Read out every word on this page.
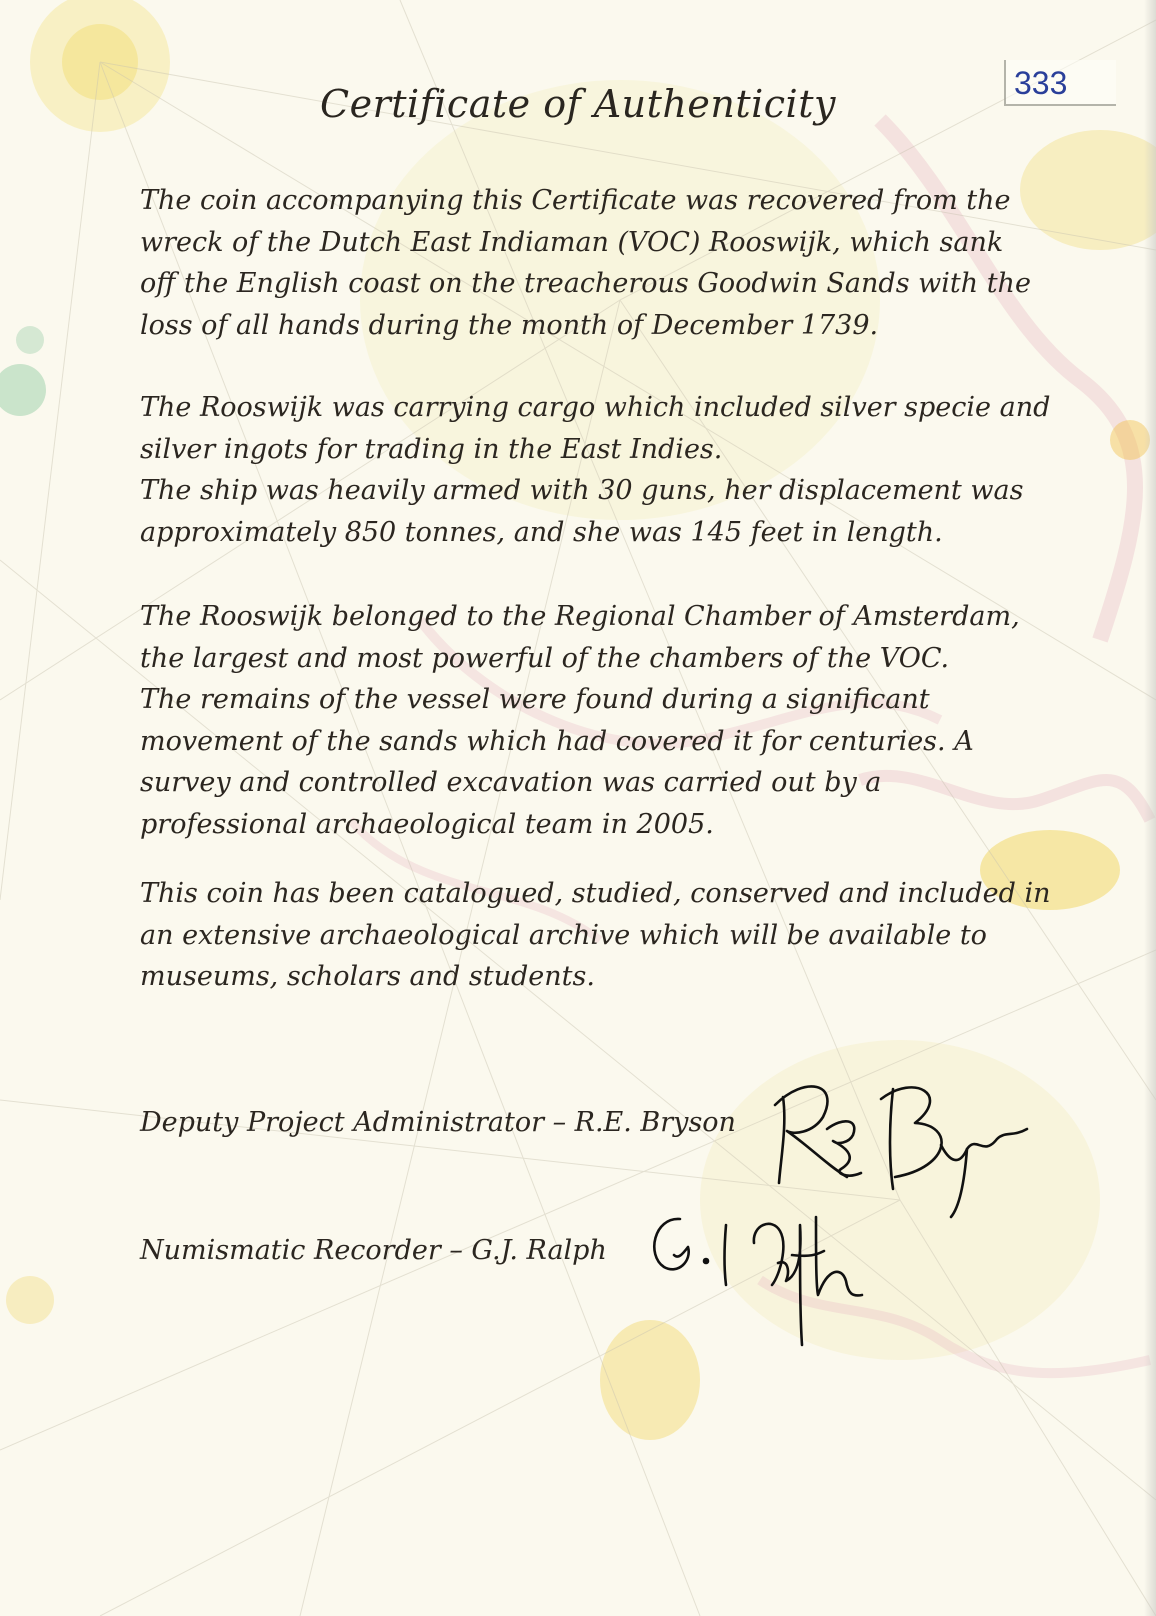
333
Certificate of Authenticity
The coin accompanying this Certificate was recovered from the
wreck of the Dutch East Indiaman (VOC) Rooswijk, which sank
off the English coast on the treacherous Goodwin Sands with the
loss of all hands during the month of December 1739.
The Rooswijk was carrying cargo which included silver specie and
silver ingots for trading in the East Indies.
The ship was heavily armed with 30 guns, her displacement was
approximately 850 tonnes, and she was 145 feet in length.
The Rooswijk belonged to the Regional Chamber of Amsterdam,
the largest and most powerful of the chambers of the VOC.
The remains of the vessel were found during a significant
movement of the sands which had covered it for centuries. A
survey and controlled excavation was carried out by a
professional archaeological team in 2005.
This coin has been catalogued, studied, conserved and included in
an extensive archaeological archive which will be available to
museums, scholars and students.
Deputy Project Administrator – R.E. Bryson
Numismatic Recorder – G.J. Ralph
